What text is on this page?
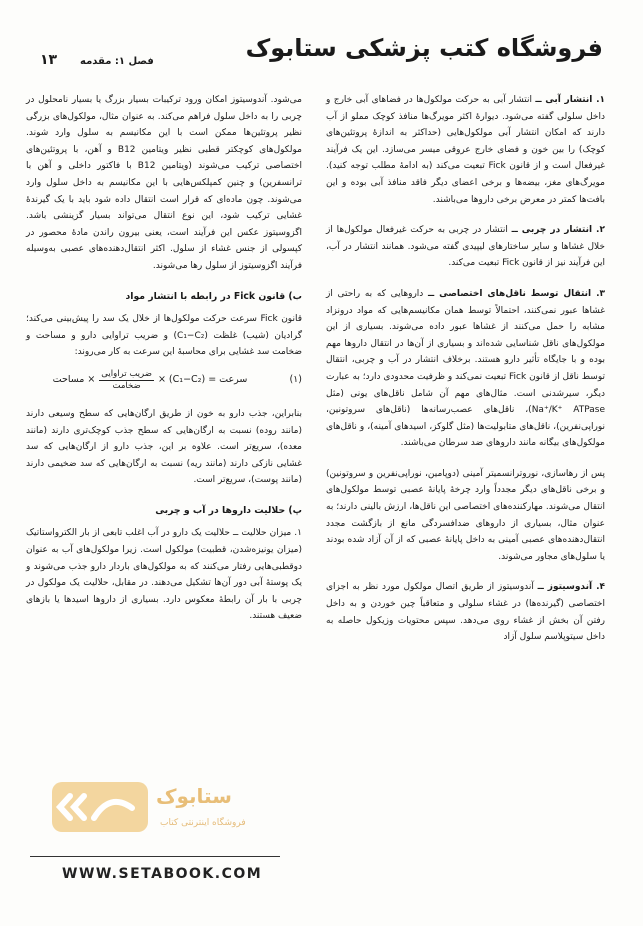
فروشگاه کتب پزشکی ستابوک
فصل ۱: مقدمه
۱۳

۱. انتشار آبی ــ انتشار آبی به حرکت مولکول‌ها در فضاهای آبی خارج و داخل سلولی گفته می‌شود. دیوارهٔ اکثر مویرگ‌ها منافذ کوچک مملو از آب دارند که امکان انتشار آبی مولکول‌هایی (حداکثر به اندازهٔ پروتئین‌های کوچک) را بین خون و فضای خارج عروقی میسر می‌سازد. این یک فرآیند غیرفعال است و از قانون Fick تبعیت می‌کند (به ادامهٔ مطلب توجه کنید). مویرگ‌های مغز، بیضه‌ها و برخی اعضای دیگر فاقد منافذ آبی بوده و این بافت‌ها کمتر در معرض برخی داروها می‌باشند.

۲. انتشار در چربی ــ انتشار در چربی به حرکت غیرفعال مولکول‌ها از خلال غشاها و سایر ساختارهای لیپیدی گفته می‌شود. همانند انتشار در آب، این فرآیند نیز از قانون Fick تبعیت می‌کند.

۳. انتقال توسط ناقل‌های اختصاصی ــ داروهایی که به راحتی از غشاها عبور نمی‌کنند، احتمالاً توسط همان مکانیسم‌هایی که مواد درونزاد مشابه را حمل می‌کنند از غشاها عبور داده می‌شوند. بسیاری از این مولکول‌های ناقل شناسایی شده‌اند و بسیاری از آن‌ها در انتقال داروها مهم بوده و با جایگاه تأثیر دارو هستند. برخلاف انتشار در آب و چربی، انتقال توسط ناقل از قانون Fick تبعیت نمی‌کند و ظرفیت محدودی دارد؛ به عبارت دیگر، سیرشدنی است. مثال‌های مهم آن شامل ناقل‌های یونی (مثل Na⁺/K⁺ ATPase)، ناقل‌های عصب‌رسانه‌ها (ناقل‌های سروتونین، نوراپی‌نفرین)، ناقل‌های متابولیت‌ها (مثل گلوکز، اسیدهای آمینه)، و ناقل‌های مولکول‌های بیگانه مانند داروهای ضد سرطان می‌باشند.

پس از رهاسازی، نوروترانسمیتر آمینی (دوپامین، نوراپی‌نفرین و سروتونین) و برخی ناقل‌های دیگر مجدداً وارد چرخهٔ پایانهٔ عصبی توسط مولکول‌های انتقال می‌شوند. مهارکننده‌های اختصاصی این ناقل‌ها، ارزش بالینی دارند؛ به عنوان مثال، بسیاری از داروهای ضدافسردگی مانع از بازگشت مجدد انتقال‌دهنده‌های عصبی آمینی به داخل پایانهٔ عصبی که از آن آزاد شده بودند یا سلول‌های مجاور می‌شوند.

۴. آندوسیتوز ــ آندوسیتوز از طریق اتصال مولکول مورد نظر به اجزای اختصاصی (گیرنده‌ها) در غشاء سلولی و متعاقباً چین خوردن و به داخل رفتن آن بخش از غشاء روی می‌دهد. سپس محتویات وزیکول حاصله به داخل سیتوپلاسم سلول آزاد

می‌شود. آندوسیتوز امکان ورود ترکیبات بسیار بزرگ یا بسیار نامحلول در چربی را به داخل سلول فراهم می‌کند. به عنوان مثال، مولکول‌های بزرگی نظیر پروتئین‌ها ممکن است با این مکانیسم به سلول وارد شوند. مولکول‌های کوچکتر قطبی نظیر ویتامین B12 و آهن، با پروتئین‌های اختصاصی ترکیب می‌شوند (ویتامین B12 با فاکتور داخلی و آهن با ترانسفرین) و چنین کمپلکس‌هایی با این مکانیسم به داخل سلول وارد می‌شوند. چون ماده‌ای که قرار است انتقال داده شود باید با یک گیرندهٔ غشایی ترکیب شود، این نوع انتقال می‌تواند بسیار گزینشی باشد. اگزوسیتوز عکس این فرآیند است، یعنی بیرون راندن مادهٔ محصور در کپسولی از جنس غشاء از سلول. اکثر انتقال‌دهنده‌های عصبی به‌وسیله فرآیند اگزوسیتوز از سلول رها می‌شوند.

ب) قانون Fick در رابطه با انتشار مواد

قانون Fick سرعت حرکت مولکول‌ها از خلال یک سد را پیش‌بینی می‌کند؛ گرادیان (شیب) غلظت (C₁−C₂) و ضریب تراوایی دارو و مساحت و ضخامت سد غشایی برای محاسبهٔ این سرعت به کار می‌روند:

(۱)
سرعت = (C₁−C₂) ×
$\frac{\text{ضریب تراوایی}}{\text{ضخامت}}$
× مساحت

بنابراین، جذب دارو به خون از طریق ارگان‌هایی که سطح وسیعی دارند (مانند روده) نسبت به ارگان‌هایی که سطح جذب کوچک‌تری دارند (مانند معده)، سریع‌تر است. علاوه بر این، جذب دارو از ارگان‌هایی که سد غشایی نازکی دارند (مانند ریه) نسبت به ارگان‌هایی که سد ضخیمی دارند (مانند پوست)، سریع‌تر است.

پ) حلالیت داروها در آب و چربی

۱. میزان حلالیت ــ حلالیت یک دارو در آب اغلب تابعی از بار الکترواستاتیک (میزان یونیزه‌شدن، قطبیت) مولکول است. زیرا مولکول‌های آب به عنوان دوقطبی‌هایی رفتار می‌کنند که به مولکول‌های باردار دارو جذب می‌شوند و یک پوستهٔ آبی دور آن‌ها تشکیل می‌دهند. در مقابل، حلالیت یک مولکول در چربی با بار آن رابطهٔ معکوس دارد. بسیاری از داروها اسیدها یا بازهای ضعیف هستند.

ستابوک
فروشگاه اینترنتی کتاب
WWW.SETABOOK.COM
